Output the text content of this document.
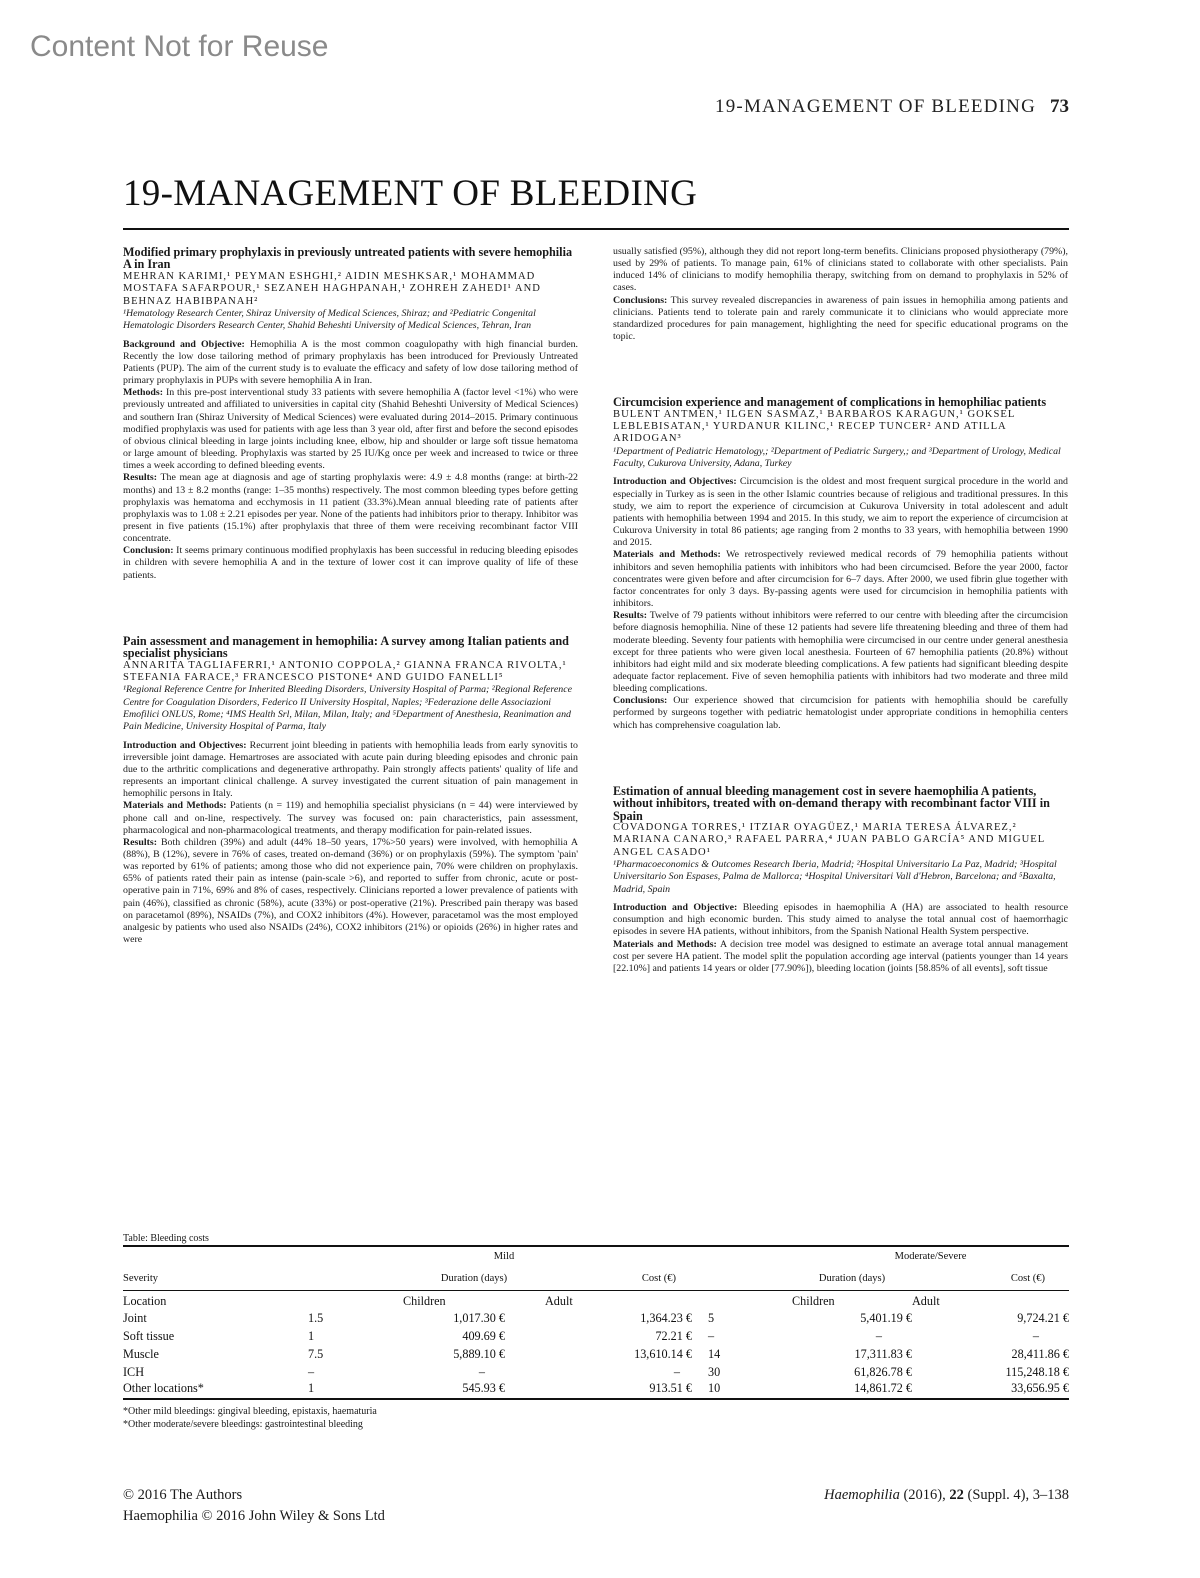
Content Not for Reuse
19-MANAGEMENT OF BLEEDING 73
19-MANAGEMENT OF BLEEDING

Modified primary prophylaxis in previously untreated patients with severe hemophilia A in Iran

MEHRAN KARIMI,¹ PEYMAN ESHGHI,² AIDIN MESHKSAR,¹ MOHAMMAD MOSTAFA SAFARPOUR,¹ SEZANEH HAGHPANAH,¹ ZOHREH ZAHEDI¹ AND BEHNAZ HABIBPANAH²

¹Hematology Research Center, Shiraz University of Medical Sciences, Shiraz; and ²Pediatric Congenital Hematologic Disorders Research Center, Shahid Beheshti University of Medical Sciences, Tehran, Iran

Background and Objective: Hemophilia A is the most common coagulopathy with high financial burden. Recently the low dose tailoring method of primary prophylaxis has been introduced for Previously Untreated Patients (PUP). The aim of the current study is to evaluate the efficacy and safety of low dose tailoring method of primary prophylaxis in PUPs with severe hemophilia A in Iran.

Methods: In this pre-post interventional study 33 patients with severe hemophilia A (factor level <1%) who were previously untreated and affiliated to universities in capital city (Shahid Beheshti University of Medical Sciences) and southern Iran (Shiraz University of Medical Sciences) were evaluated during 2014–2015. Primary continuous modified prophylaxis was used for patients with age less than 3 year old, after first and before the second episodes of obvious clinical bleeding in large joints including knee, elbow, hip and shoulder or large soft tissue hematoma or large amount of bleeding. Prophylaxis was started by 25 IU/Kg once per week and increased to twice or three times a week according to defined bleeding events.

Results: The mean age at diagnosis and age of starting prophylaxis were: 4.9 ± 4.8 months (range: at birth-22 months) and 13 ± 8.2 months (range: 1–35 months) respectively. The most common bleeding types before getting prophylaxis was hematoma and ecchymosis in 11 patient (33.3%).Mean annual bleeding rate of patients after prophylaxis was to 1.08 ± 2.21 episodes per year. None of the patients had inhibitors prior to therapy. Inhibitor was present in five patients (15.1%) after prophylaxis that three of them were receiving recombinant factor VIII concentrate.

Conclusion: It seems primary continuous modified prophylaxis has been successful in reducing bleeding episodes in children with severe hemophilia A and in the texture of lower cost it can improve quality of life of these patients.

Pain assessment and management in hemophilia: A survey among Italian patients and specialist physicians

ANNARITA TAGLIAFERRI,¹ ANTONIO COPPOLA,² GIANNA FRANCA RIVOLTA,¹ STEFANIA FARACE,³ FRANCESCO PISTONE⁴ AND GUIDO FANELLI⁵

¹Regional Reference Centre for Inherited Bleeding Disorders, University Hospital of Parma; ²Regional Reference Centre for Coagulation Disorders, Federico II University Hospital, Naples; ³Federazione delle Associazioni Emofilici ONLUS, Rome; ⁴IMS Health Srl, Milan, Milan, Italy; and ⁵Department of Anesthesia, Reanimation and Pain Medicine, University Hospital of Parma, Italy

Introduction and Objectives: Recurrent joint bleeding in patients with hemophilia leads from early synovitis to irreversible joint damage. Hemartroses are associated with acute pain during bleeding episodes and chronic pain due to the arthritic complications and degenerative arthropathy. Pain strongly affects patients' quality of life and represents an important clinical challenge. A survey investigated the current situation of pain management in hemophilic persons in Italy.

Materials and Methods: Patients (n = 119) and hemophilia specialist physicians (n = 44) were interviewed by phone call and on-line, respectively. The survey was focused on: pain characteristics, pain assessment, pharmacological and non-pharmacological treatments, and therapy modification for pain-related issues.

Results: Both children (39%) and adult (44% 18–50 years, 17%>50 years) were involved, with hemophilia A (88%), B (12%), severe in 76% of cases, treated on-demand (36%) or on prophylaxis (59%). The symptom 'pain' was reported by 61% of patients; among those who did not experience pain, 70% were children on prophylaxis. 65% of patients rated their pain as intense (pain-scale >6), and reported to suffer from chronic, acute or post-operative pain in 71%, 69% and 8% of cases, respectively. Clinicians reported a lower prevalence of patients with pain (46%), classified as chronic (58%), acute (33%) or post-operative (21%). Prescribed pain therapy was based on paracetamol (89%), NSAIDs (7%), and COX2 inhibitors (4%). However, paracetamol was the most employed analgesic by patients who used also NSAIDs (24%), COX2 inhibitors (21%) or opioids (26%) in higher rates and were

usually satisfied (95%), although they did not report long-term benefits. Clinicians proposed physiotherapy (79%), used by 29% of patients. To manage pain, 61% of clinicians stated to collaborate with other specialists. Pain induced 14% of clinicians to modify hemophilia therapy, switching from on demand to prophylaxis in 52% of cases.

Conclusions: This survey revealed discrepancies in awareness of pain issues in hemophilia among patients and clinicians. Patients tend to tolerate pain and rarely communicate it to clinicians who would appreciate more standardized procedures for pain management, highlighting the need for specific educational programs on the topic.

Circumcision experience and management of complications in hemophiliac patients

BULENT ANTMEN,¹ ILGEN SASMAZ,¹ BARBAROS KARAGUN,¹ GOKSEL LEBLEBISATAN,¹ YURDANUR KILINC,¹ RECEP TUNCER² AND ATILLA ARIDOGAN³

¹Department of Pediatric Hematology,; ²Department of Pediatric Surgery,; and ³Department of Urology, Medical Faculty, Cukurova University, Adana, Turkey

Introduction and Objectives: Circumcision is the oldest and most frequent surgical procedure in the world and especially in Turkey as is seen in the other Islamic countries because of religious and traditional pressures. In this study, we aim to report the experience of circumcision at Cukurova University in total adolescent and adult patients with hemophilia between 1994 and 2015. In this study, we aim to report the experience of circumcision at Cukurova University in total 86 patients; age ranging from 2 months to 33 years, with hemophilia between 1990 and 2015.

Materials and Methods: We retrospectively reviewed medical records of 79 hemophilia patients without inhibitors and seven hemophilia patients with inhibitors who had been circumcised. Before the year 2000, factor concentrates were given before and after circumcision for 6–7 days. After 2000, we used fibrin glue together with factor concentrates for only 3 days. By-passing agents were used for circumcision in hemophilia patients with inhibitors.

Results: Twelve of 79 patients without inhibitors were referred to our centre with bleeding after the circumcision before diagnosis hemophilia. Nine of these 12 patients had severe life threatening bleeding and three of them had moderate bleeding. Seventy four patients with hemophilia were circumcised in our centre under general anesthesia except for three patients who were given local anesthesia. Fourteen of 67 hemophilia patients (20.8%) without inhibitors had eight mild and six moderate bleeding complications. A few patients had significant bleeding despite adequate factor replacement. Five of seven hemophilia patients with inhibitors had two moderate and three mild bleeding complications.

Conclusions: Our experience showed that circumcision for patients with hemophilia should be carefully performed by surgeons together with pediatric hematologist under appropriate conditions in hemophilia centers which has comprehensive coagulation lab.

Estimation of annual bleeding management cost in severe haemophilia A patients, without inhibitors, treated with on-demand therapy with recombinant factor VIII in Spain

COVADONGA TORRES,¹ ITZIAR OYAGÜEZ,¹ MARIA TERESA ÁLVAREZ,² MARIANA CANARO,³ RAFAEL PARRA,⁴ JUAN PABLO GARCÍA⁵ AND MIGUEL ANGEL CASADO¹

¹Pharmacoeconomics & Outcomes Research Iberia, Madrid; ²Hospital Universitario La Paz, Madrid; ³Hospital Universitario Son Espases, Palma de Mallorca; ⁴Hospital Universitari Vall d'Hebron, Barcelona; and ⁵Baxalta, Madrid, Spain

Introduction and Objective: Bleeding episodes in haemophilia A (HA) are associated to health resource consumption and high economic burden. This study aimed to analyse the total annual cost of haemorrhagic episodes in severe HA patients, without inhibitors, from the Spanish National Health System perspective.

Materials and Methods: A decision tree model was designed to estimate an average total annual management cost per severe HA patient. The model split the population according age interval (patients younger than 14 years [22.10%] and patients 14 years or older [77.90%]), bleeding location (joints [58.85% of all events], soft tissue

Table: Bleeding costs
	Mild				Moderate/Severe	
Severity		Duration (days)	Cost (€)		Duration (days)	Cost (€)
Location		Children	Adult		Children	Adult
Joint	1.5	1,017.30 €	1,364.23 €	5	5,401.19 €	9,724.21 €
Soft tissue	1	409.69 €	72.21 €	–	–	–
Muscle	7.5	5,889.10 €	13,610.14 €	14	17,311.83 €	28,411.86 €
ICH	–	–	–	30	61,826.78 €	115,248.18 €
Other locations*	1	545.93 €	913.51 €	10	14,861.72 €	33,656.95 €
*Other mild bleedings: gingival bleeding, epistaxis, haematuria
*Other moderate/severe bleedings: gastrointestinal bleeding
© 2016 The Authors
Haemophilia © 2016 John Wiley & Sons Ltd
Haemophilia (2016), 22 (Suppl. 4), 3–138
